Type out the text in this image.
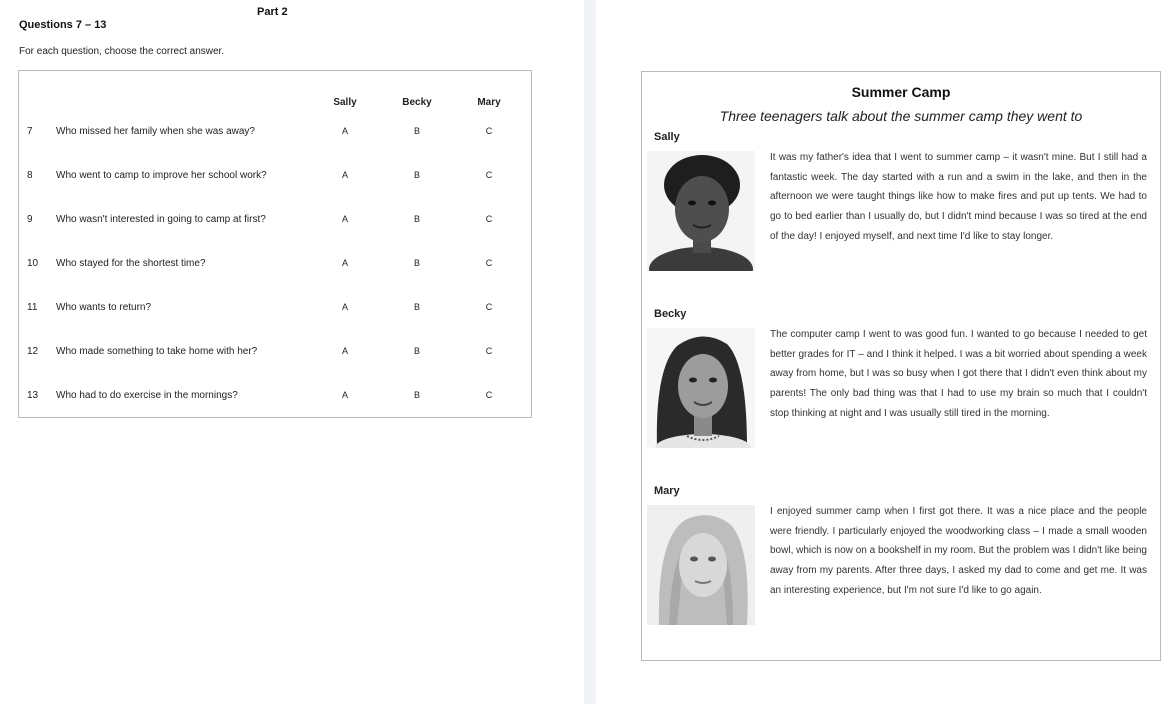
Part 2
Questions 7 – 13
For each question, choose the correct answer.
Sally	Becky	Mary
7 Who missed her family when she was away?	A	B	C
8 Who went to camp to improve her school work?	A	B	C
9 Who wasn't interested in going to camp at first?	A	B	C
10 Who stayed for the shortest time?	A	B	C
11 Who wants to return?	A	B	C
12 Who made something to take home with her?	A	B	C
13 Who had to do exercise in the mornings?	A	B	C
Summer Camp
Three teenagers talk about the summer camp they went to
Sally
It was my father's idea that I went to summer camp – it wasn't mine. But I still had a fantastic week. The day started with a run and a swim in the lake, and then in the afternoon we were taught things like how to make fires and put up tents. We had to go to bed earlier than I usually do, but I didn't mind because I was so tired at the end of the day! I enjoyed myself, and next time I'd like to stay longer.
Becky
The computer camp I went to was good fun. I wanted to go because I needed to get better grades for IT – and I think it helped. I was a bit worried about spending a week away from home, but I was so busy when I got there that I didn't even think about my parents! The only bad thing was that I had to use my brain so much that I couldn't stop thinking at night and I was usually still tired in the morning.
Mary
I enjoyed summer camp when I first got there. It was a nice place and the people were friendly. I particularly enjoyed the woodworking class – I made a small wooden bowl, which is now on a bookshelf in my room. But the problem was I didn't like being away from my parents. After three days, I asked my dad to come and get me. It was an interesting experience, but I'm not sure I'd like to go again.
